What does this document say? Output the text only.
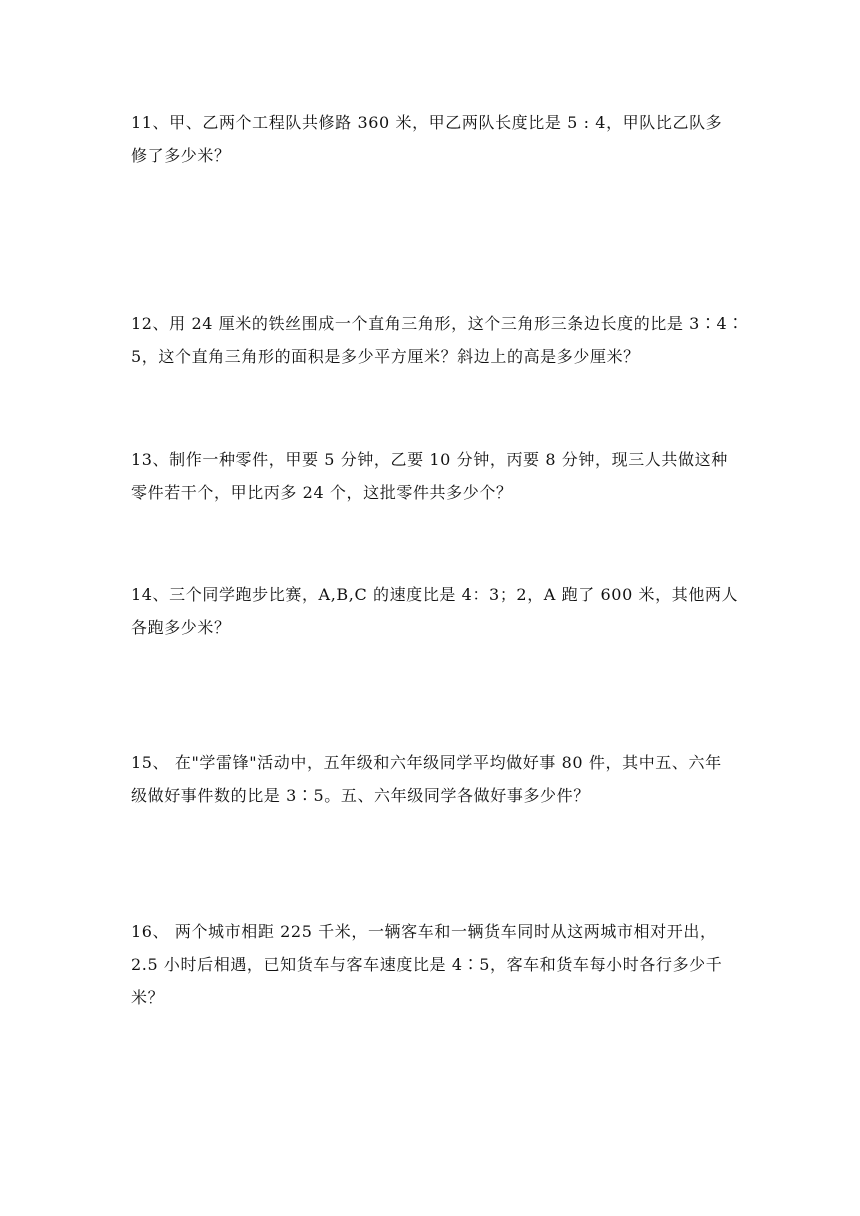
11、甲、乙两个工程队共修路 360 米，甲乙两队长度比是 5 : 4，甲队比乙队多
修了多少米？
12、用 24 厘米的铁丝围成一个直角三角形，这个三角形三条边长度的比是 3∶4∶
5，这个直角三角形的面积是多少平方厘米？斜边上的高是多少厘米？
13、制作一种零件，甲要 5 分钟，乙要 10 分钟，丙要 8 分钟，现三人共做这种
零件若干个，甲比丙多 24 个，这批零件共多少个？
14、三个同学跑步比赛，A,B,C 的速度比是 4：3；2，A 跑了 600 米，其他两人
各跑多少米？
15、 在"学雷锋"活动中，五年级和六年级同学平均做好事 80 件，其中五、六年
级做好事件数的比是 3∶5。五、六年级同学各做好事多少件？
16、 两个城市相距 225 千米，一辆客车和一辆货车同时从这两城市相对开出，
2.5 小时后相遇，已知货车与客车速度比是 4∶5，客车和货车每小时各行多少千
米？
